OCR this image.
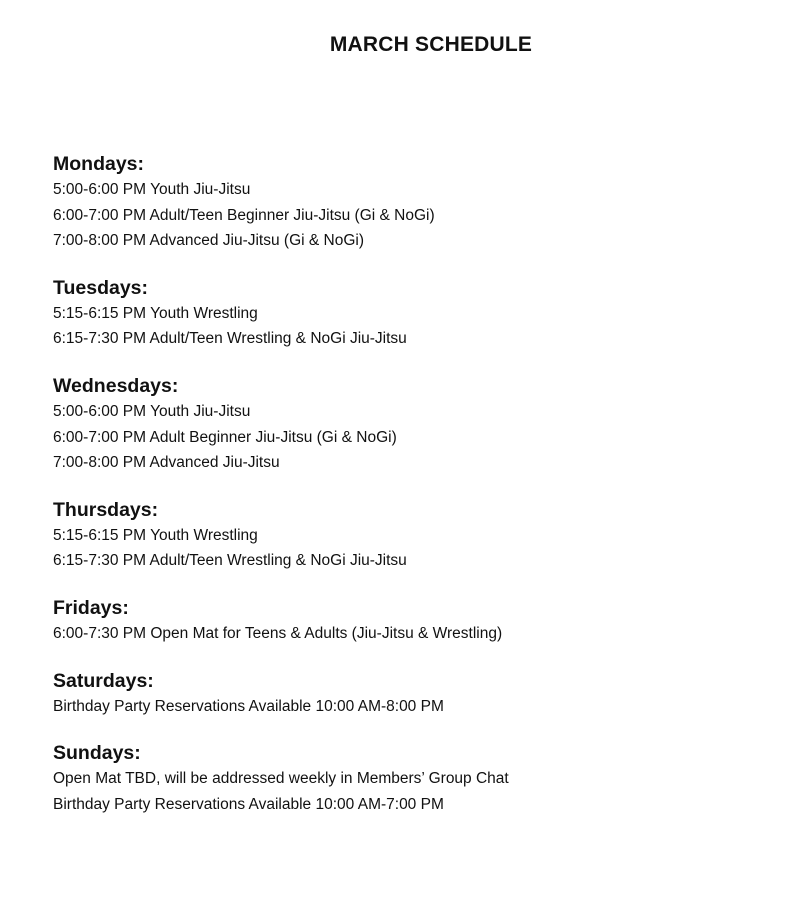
MARCH SCHEDULE
Mondays:
5:00-6:00 PM Youth Jiu-Jitsu
6:00-7:00 PM Adult/Teen Beginner Jiu-Jitsu (Gi & NoGi)
7:00-8:00 PM Advanced Jiu-Jitsu (Gi & NoGi)
Tuesdays:
5:15-6:15 PM Youth Wrestling
6:15-7:30 PM Adult/Teen Wrestling & NoGi Jiu-Jitsu
Wednesdays:
5:00-6:00 PM Youth Jiu-Jitsu
6:00-7:00 PM Adult Beginner Jiu-Jitsu (Gi & NoGi)
7:00-8:00 PM Advanced Jiu-Jitsu
Thursdays:
5:15-6:15 PM Youth Wrestling
6:15-7:30 PM Adult/Teen Wrestling & NoGi Jiu-Jitsu
Fridays:
6:00-7:30 PM Open Mat for Teens & Adults (Jiu-Jitsu & Wrestling)
Saturdays:
Birthday Party Reservations Available 10:00 AM-8:00 PM
Sundays:
Open Mat TBD, will be addressed weekly in Members’ Group Chat
Birthday Party Reservations Available 10:00 AM-7:00 PM
